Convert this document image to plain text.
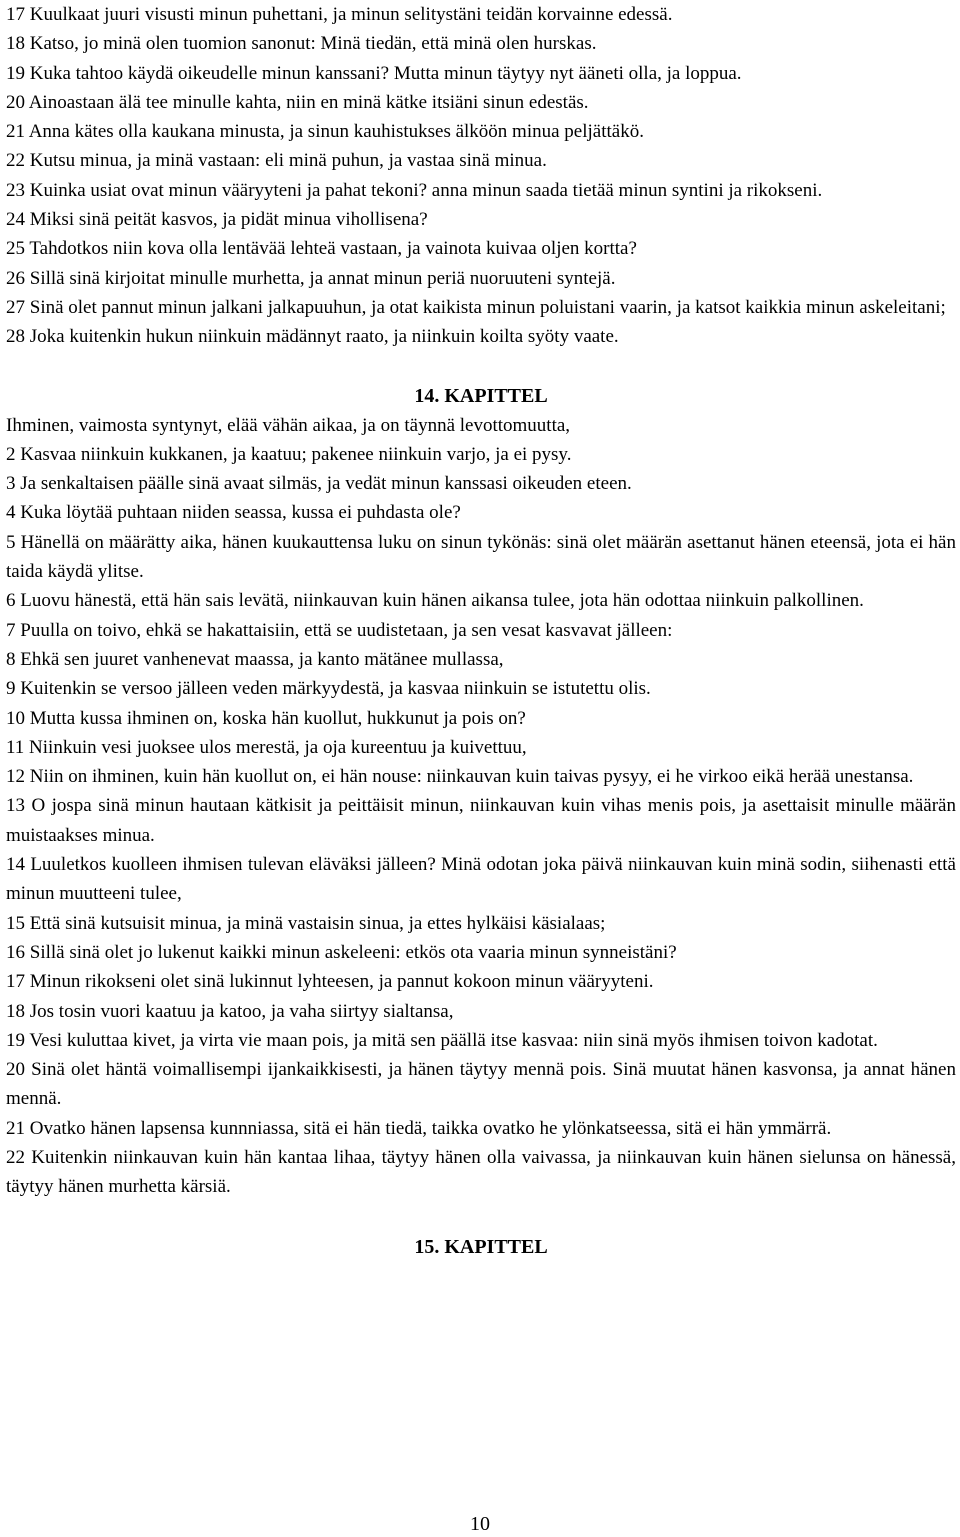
17 Kuulkaat juuri visusti minun puhettani, ja minun selitystäni teidän korvainne edessä.

18 Katso, jo minä olen tuomion sanonut: Minä tiedän, että minä olen hurskas.

19 Kuka tahtoo käydä oikeudelle minun kanssani? Mutta minun täytyy nyt ääneti olla, ja loppua.

20 Ainoastaan älä tee minulle kahta, niin en minä kätke itsiäni sinun edestäs.

21 Anna kätes olla kaukana minusta, ja sinun kauhistukses älköön minua peljättäkö.

22 Kutsu minua, ja minä vastaan: eli minä puhun, ja vastaa sinä minua.

23 Kuinka usiat ovat minun vääryyteni ja pahat tekoni? anna minun saada tietää minun syntini ja rikokseni.

24 Miksi sinä peität kasvos, ja pidät minua vihollisena?

25 Tahdotkos niin kova olla lentävää lehteä vastaan, ja vainota kuivaa oljen kortta?

26 Sillä sinä kirjoitat minulle murhetta, ja annat minun periä nuoruuteni syntejä.

27 Sinä olet pannut minun jalkani jalkapuuhun, ja otat kaikista minun poluistani vaarin, ja katsot kaikkia minun askeleitani;

28 Joka kuitenkin hukun niinkuin mädännyt raato, ja niinkuin koilta syöty vaate.

14. KAPITTEL

Ihminen, vaimosta syntynyt, elää vähän aikaa, ja on täynnä levottomuutta,

2 Kasvaa niinkuin kukkanen, ja kaatuu; pakenee niinkuin varjo, ja ei pysy.

3 Ja senkaltaisen päälle sinä avaat silmäs, ja vedät minun kanssasi oikeuden eteen.

4 Kuka löytää puhtaan niiden seassa, kussa ei puhdasta ole?

5 Hänellä on määrätty aika, hänen kuukauttensa luku on sinun tykönäs: sinä olet määrän asettanut hänen eteensä, jota ei hän taida käydä ylitse.

6 Luovu hänestä, että hän sais levätä, niinkauvan kuin hänen aikansa tulee, jota hän odottaa niinkuin palkollinen.

7 Puulla on toivo, ehkä se hakattaisiin, että se uudistetaan, ja sen vesat kasvavat jälleen:

8 Ehkä sen juuret vanhenevat maassa, ja kanto mätänee mullassa,

9 Kuitenkin se versoo jälleen veden märkyydestä, ja kasvaa niinkuin se istutettu olis.

10 Mutta kussa ihminen on, koska hän kuollut, hukkunut ja pois on?

11 Niinkuin vesi juoksee ulos merestä, ja oja kureentuu ja kuivettuu,

12 Niin on ihminen, kuin hän kuollut on, ei hän nouse: niinkauvan kuin taivas pysyy, ei he virkoo eikä herää unestansa.

13 O jospa sinä minun hautaan kätkisit ja peittäisit minun, niinkauvan kuin vihas menis pois, ja asettaisit minulle määrän muistaakses minua.

14 Luuletkos kuolleen ihmisen tulevan eläväksi jälleen? Minä odotan joka päivä niinkauvan kuin minä sodin, siihenasti että minun muutteeni tulee,

15 Että sinä kutsuisit minua, ja minä vastaisin sinua, ja ettes hylkäisi käsialaas;

16 Sillä sinä olet jo lukenut kaikki minun askeleeni: etkös ota vaaria minun synneistäni?

17 Minun rikokseni olet sinä lukinnut lyhteesen, ja pannut kokoon minun vääryyteni.

18 Jos tosin vuori kaatuu ja katoo, ja vaha siirtyy sialtansa,

19 Vesi kuluttaa kivet, ja virta vie maan pois, ja mitä sen päällä itse kasvaa: niin sinä myös ihmisen toivon kadotat.

20 Sinä olet häntä voimallisempi ijankaikkisesti, ja hänen täytyy mennä pois. Sinä muutat hänen kasvonsa, ja annat hänen mennä.

21 Ovatko hänen lapsensa kunnniassa, sitä ei hän tiedä, taikka ovatko he ylönkatseessa, sitä ei hän ymmärrä.

22 Kuitenkin niinkauvan kuin hän kantaa lihaa, täytyy hänen olla vaivassa, ja niinkauvan kuin hänen sielunsa on hänessä, täytyy hänen murhetta kärsiä.

15. KAPITTEL
10
